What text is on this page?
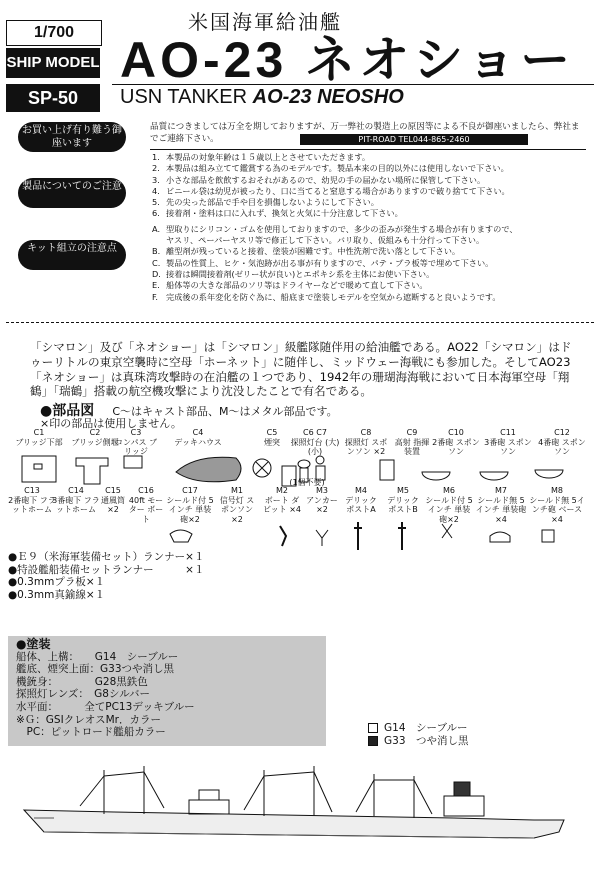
1/700
SHIP MODEL
SP-50
米国海軍給油艦
AO-23 ネオショー
USN TANKER AO-23 NEOSHO
お買い上げ有り難う御座います
製品についてのご注意
キット組立の注意点
品質につきましては万全を期しておりますが、万一弊社の製造上の原因等による不良が御座いましたら、弊社までご連絡下さい。	PIT-ROAD TEL044-865-2460
1. 本製品の対象年齢は１５歳以上とさせていただきます。
2. 本製品は組み立てて鑑賞する為のモデルです。製品本来の目的以外には使用しないで下さい。
3. 小さな部品を飲飲するおそれがあるので、幼児の手の届かない場所に保管して下さい。
4. ビニール袋は幼児が被ったり、口に当てると窒息する場合がありますので破り捨てて下さい。
5. 先の尖った部品で手や目を損傷しないようにして下さい。
6. 接着剤・塗料は口に入れず、換気と火気に十分注意して下さい。
A. 型取りにシリコン・ゴムを使用しておりますので、多少の歪みが発生する場合が有りますので、
ヤスリ、ペーパーヤスリ等で修正して下さい。バリ取り、仮組みも十分行って下さい。
B. 離型剤が残っていると接着、塗装が困難です。中性洗剤で洗い落として下さい。
C. 製品の性質上、ヒケ・気泡跡が出る事が有りますので、パテ・プラ板等で埋めて下さい。
D. 接着は瞬間接着剤(ゼリー状が良い)とエポキシ系を主体にお使い下さい。
E. 船体等の大きな部品のソリ等はドライヤーなどで暖めて直して下さい。
F. 完成後の系年変化を防ぐ為に、船底まで塗装しモデルを空気から遮断すると良いようです。
「シマロン」及び「ネオショー」は「シマロン」級艦隊随伴用の給油艦である。AO22「シマロン」はドゥーリトルの東京空襲時に空母「ホーネット」に随伴し、ミッドウェー海戦にも参加した。そしてAO23「ネオショー」は真珠湾攻撃時の在泊艦の１つであり、1942年の珊瑚海海戦において日本海軍空母「翔鶴」「瑞鶴」搭載の航空機攻撃により沈没したことで有名である。
●部品図 C～はキャスト部品、M～はメタル部品です。
×印の部品は使用しません。
C1
ブリッジ下部
C2
ブリッジ側堰
C3
コンパス ブリッジ
C4
デッキハウス
C5
煙突
C6 C7
探照灯台 (大)(小)
C8
探照灯 スポンソン ×2
C9
高射 指揮装置
C10
2番砲 スポンソン
C11
3番砲 スポンソン
C12
4番砲 スポンソン
(1個不要)
C13
2番砲下 フラットホーム
C14
3番砲下 フラットホーム
C15
通風筒 ×2
C16
40ft モーター ボート
C17
シールド付 5インチ 単装砲×2
M1
信号灯 スポンソン ×2
M2
ボート ダビット ×4
M3
アンカー ×2
M4
デリック ポストA
M5
デリック ポストB
M6
シールド付 5インチ 単装砲×2
M7
シールド無 5インチ 単装砲×4
M8
シールド無 5インチ砲 ベース×4
●Ｅ９（米海軍装備セット）ランナー×１
●特設艦船装備セットランナー　　　×１
●0.3mmプラ板×１
●0.3mm真鍮線×１
●塗装
船体、上構：　　G14　シーブルー
艦底、煙突上面：G33つや消し黒
機銃身：　　　　G28黒鉄色
探照灯レンズ：　G8シルバー
水平面：　　　全てPC13デッキブルー
※Ｇ：GSIクレオスMr．カラー
　PC：ピットロード艦船カラー	G14　 シーブルー
G33　 つや消し黒
